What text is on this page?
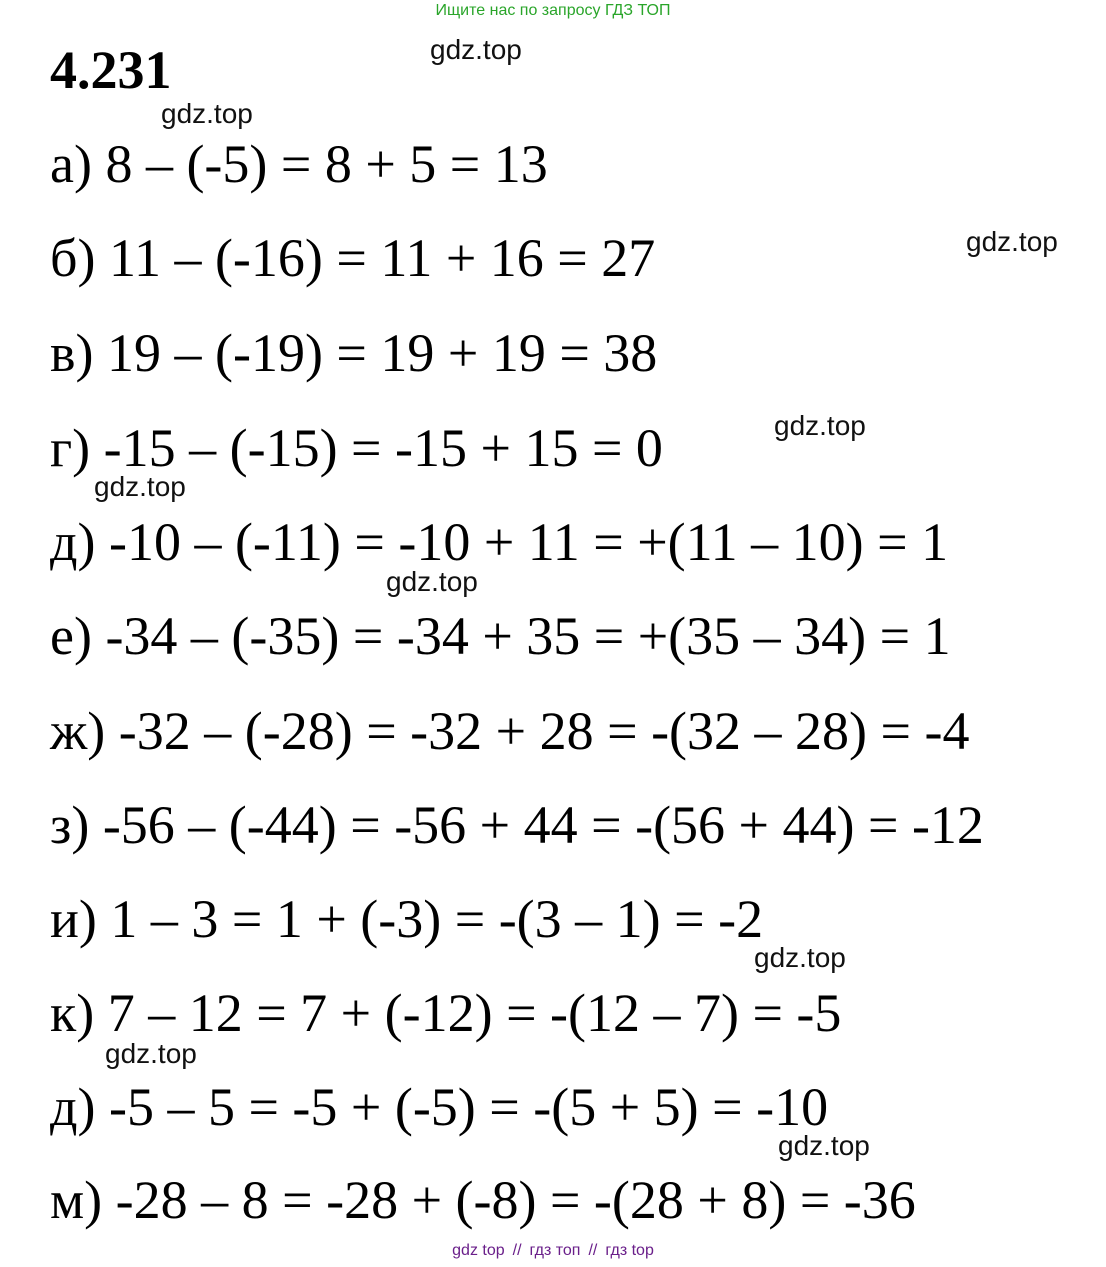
Ищите нас по запросу ГДЗ ТОП
4.231
а) 8 – (-5) = 8 + 5 = 13
б) 11 – (-16) = 11 + 16 = 27
в) 19 – (-19) = 19 + 19 = 38
г) -15 – (-15) = -15 + 15 = 0
д) -10 – (-11) = -10 + 11 = +(11 – 10) = 1
е) -34 – (-35) = -34 + 35 = +(35 – 34) = 1
ж) -32 – (-28) = -32 + 28 = -(32 – 28) = -4
з) -56 – (-44) = -56 + 44 = -(56 + 44) = -12
и) 1 – 3 = 1 + (-3) = -(3 – 1) = -2
к) 7 – 12 = 7 + (-12) = -(12 – 7) = -5
д) -5 – 5 = -5 + (-5) = -(5 + 5) = -10
м) -28 – 8 = -28 + (-8) = -(28 + 8) = -36
gdz.top
gdz.top
gdz.top
gdz.top
gdz.top
gdz.top
gdz.top
gdz.top
gdz.top
gdz top // гдз топ // гдз top
